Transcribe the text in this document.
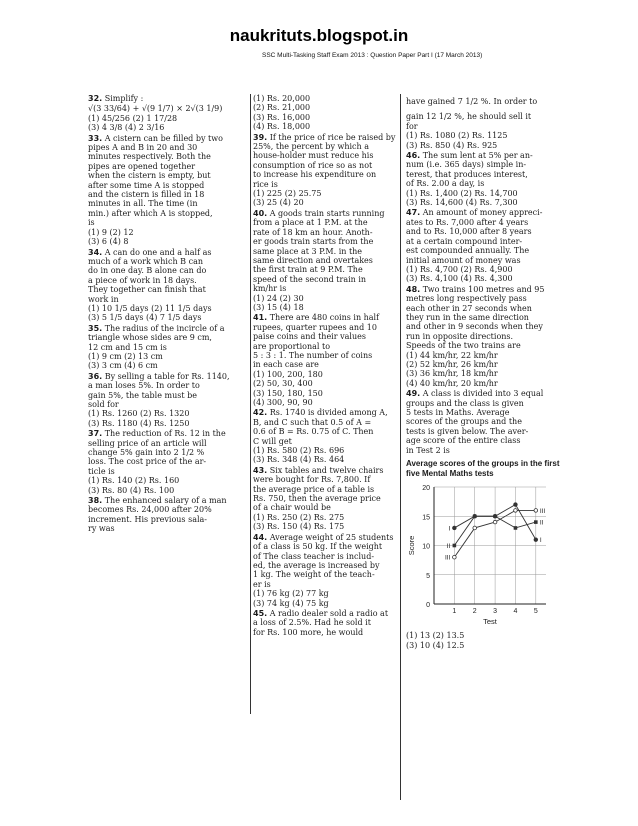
naukrituts.blogspot.in
SSC Multi-Tasking Staff Exam 2013 : Question Paper Part I (17 March 2013)
32. Simplify :
√(3 33/64) + √(9 1/7) × 2√(3 1/9)
(1) 45/256 (2) 1 17/28
(3) 4 3/8 (4) 2 3/16
33. A cistern can be filled by two
pipes A and B in 20 and 30
minutes respectively. Both the
pipes are opened together
when the cistern is empty, but
after some time A is stopped
and the cistern is filled in 18
minutes in all. The time (in
min.) after which A is stopped,
is
(1) 9 (2) 12
(3) 6 (4) 8
34. A can do one and a half as
much of a work which B can
do in one day. B alone can do
a piece of work in 18 days.
They together can finish that
work in
(1) 10 1/5 days (2) 11 1/5 days
(3) 5 1/5 days (4) 7 1/5 days
35. The radius of the incircle of a
triangle whose sides are 9 cm,
12 cm and 15 cm is
(1) 9 cm (2) 13 cm
(3) 3 cm (4) 6 cm
36. By selling a table for Rs. 1140,
a man loses 5%. In order to
gain 5%, the table must be
sold for
(1) Rs. 1260 (2) Rs. 1320
(3) Rs. 1180 (4) Rs. 1250
37. The reduction of Rs. 12 in the
selling price of an article will
change 5% gain into 2 1/2 %
loss. The cost price of the ar-
ticle is
(1) Rs. 140 (2) Rs. 160
(3) Rs. 80 (4) Rs. 100
38. The enhanced salary of a man
becomes Rs. 24,000 after 20%
increment. His previous sala-
ry was
(1) Rs. 20,000
(2) Rs. 21,000
(3) Rs. 16,000
(4) Rs. 18,000
39. If the price of rice be raised by
25%, the percent by which a
house-holder must reduce his
consumption of rice so as not
to increase his expenditure on
rice is
(1) 225 (2) 25.75
(3) 25 (4) 20
40. A goods train starts running
from a place at 1 P.M. at the
rate of 18 km an hour. Anoth-
er goods train starts from the
same place at 3 P.M. in the
same direction and overtakes
the first train at 9 P.M. The
speed of the second train in
km/hr is
(1) 24 (2) 30
(3) 15 (4) 18
41. There are 480 coins in half
rupees, quarter rupees and 10
paise coins and their values
are proportional to
5 : 3 : 1. The number of coins
in each case are
(1) 100, 200, 180
(2) 50, 30, 400
(3) 150, 180, 150
(4) 300, 90, 90
42. Rs. 1740 is divided among A,
B, and C such that 0.5 of A =
0.6 of B = Rs. 0.75 of C. Then
C will get
(1) Rs. 580 (2) Rs. 696
(3) Rs. 348 (4) Rs. 464
43. Six tables and twelve chairs
were bought for Rs. 7,800. If
the average price of a table is
Rs. 750, then the average price
of a chair would be
(1) Rs. 250 (2) Rs. 275
(3) Rs. 150 (4) Rs. 175
44. Average weight of 25 students
of a class is 50 kg. If the weight
of The class teacher is includ-
ed, the average is increased by
1 kg. The weight of the teach-
er is
(1) 76 kg (2) 77 kg
(3) 74 kg (4) 75 kg
45. A radio dealer sold a radio at
a loss of 2.5%. Had he sold it
for Rs. 100 more, he would
have gained 7 1/2 %. In order to
gain 12 1/2 %, he should sell it
for
(1) Rs. 1080 (2) Rs. 1125
(3) Rs. 850 (4) Rs. 925
46. The sum lent at 5% per an-
num (i.e. 365 days) simple in-
terest, that produces interest,
of Rs. 2.00 a day, is
(1) Rs. 1,400 (2) Rs. 14,700
(3) Rs. 14,600 (4) Rs. 7,300
47. An amount of money appreci-
ates to Rs. 7,000 after 4 years
and to Rs. 10,000 after 8 years
at a certain compound inter-
est compounded annually. The
initial amount of money was
(1) Rs. 4,700 (2) Rs. 4,900
(3) Rs. 4,100 (4) Rs. 4,300
48. Two trains 100 metres and 95
metres long respectively pass
each other in 27 seconds when
they run in the same direction
and other in 9 seconds when they
run in opposite directions.
Speeds of the two trains are
(1) 44 km/hr, 22 km/hr
(2) 52 km/hr, 26 km/hr
(3) 36 km/hr, 18 km/hr
(4) 40 km/hr, 20 km/hr
49. A class is divided into 3 equal
groups and the class is given
5 tests in Maths. Average
scores of the groups and the
tests is given below. The aver-
age score of the entire class
in Test 2 is
Average scores of the groups in the first five Mental Maths tests
0
5
10
15
20
1 2 3 4 5
Test
Score
I
I
II
II
III
III
(1) 13 (2) 13.5
(3) 10 (4) 12.5
